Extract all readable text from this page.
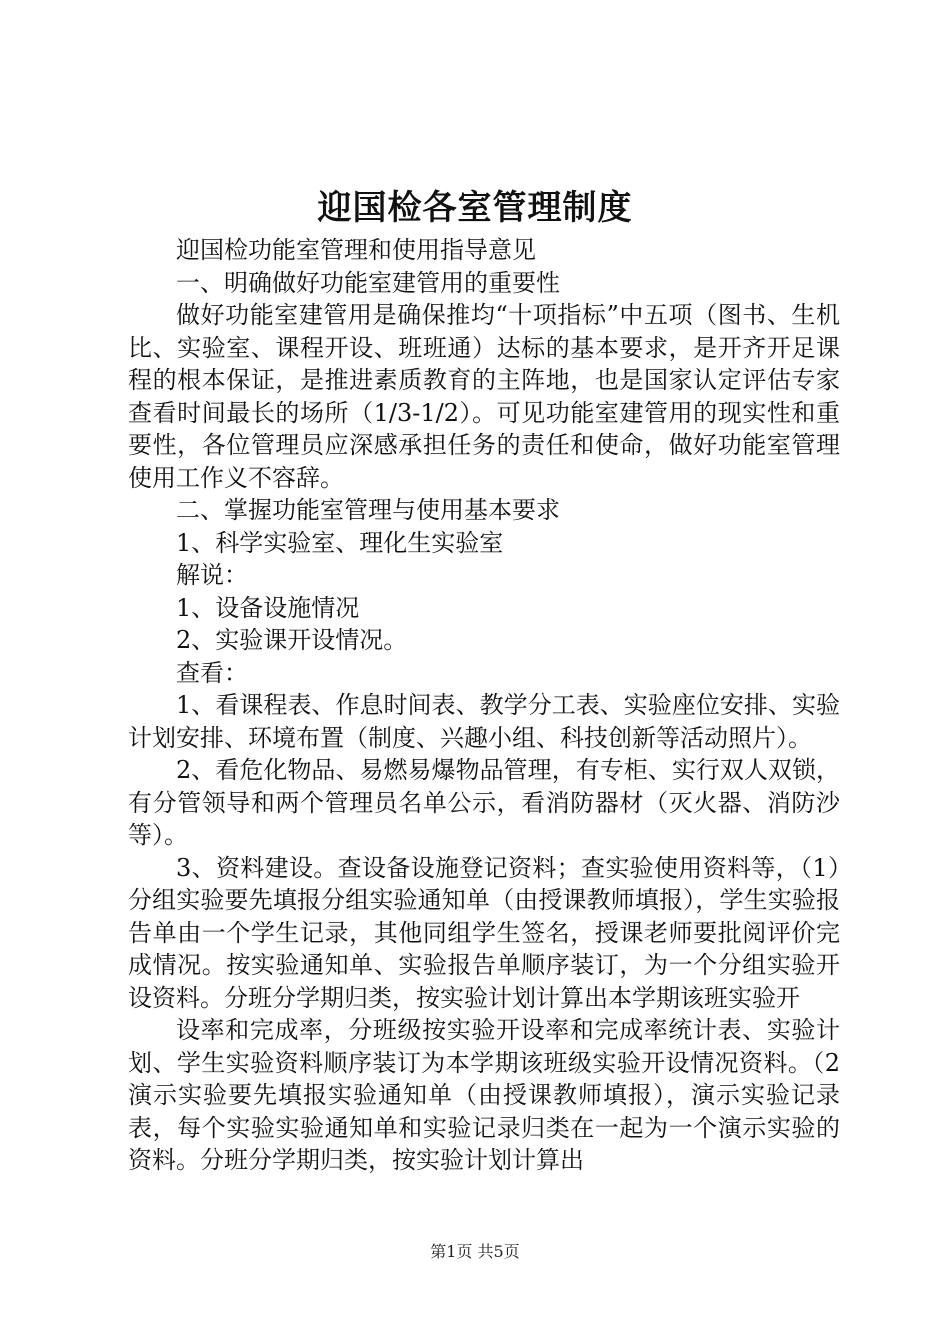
迎国检各室管理制度

迎国检功能室管理和使用指导意见

一、明确做好功能室建管用的重要性

做好功能室建管用是确保推均“十项指标”中五项（图书、生机比、实验室、课程开设、班班通）达标的基本要求，是开齐开足课程的根本保证，是推进素质教育的主阵地，也是国家认定评估专家查看时间最长的场所（1/3-1/2）。可见功能室建管用的现实性和重要性，各位管理员应深感承担任务的责任和使命，做好功能室管理使用工作义不容辞。

二、掌握功能室管理与使用基本要求

1、科学实验室、理化生实验室

解说：

1、设备设施情况

2、实验课开设情况。

查看：

1、看课程表、作息时间表、教学分工表、实验座位安排、实验计划安排、环境布置（制度、兴趣小组、科技创新等活动照片）。

2、看危化物品、易燃易爆物品管理，有专柜、实行双人双锁，有分管领导和两个管理员名单公示，看消防器材（灭火器、消防沙等）。

3、资料建设。查设备设施登记资料；查实验使用资料等，（1）分组实验要先填报分组实验通知单（由授课教师填报），学生实验报告单由一个学生记录，其他同组学生签名，授课老师要批阅评价完成情况。按实验通知单、实验报告单顺序装订，为一个分组实验开设资料。分班分学期归类，按实验计划计算出本学期该班实验开

设率和完成率，分班级按实验开设率和完成率统计表、实验计划、学生实验资料顺序装订为本学期该班级实验开设情况资料。（2演示实验要先填报实验通知单（由授课教师填报），演示实验记录表，每个实验实验通知单和实验记录归类在一起为一个演示实验的资料。分班分学期归类，按实验计划计算出

第1页 共5页
